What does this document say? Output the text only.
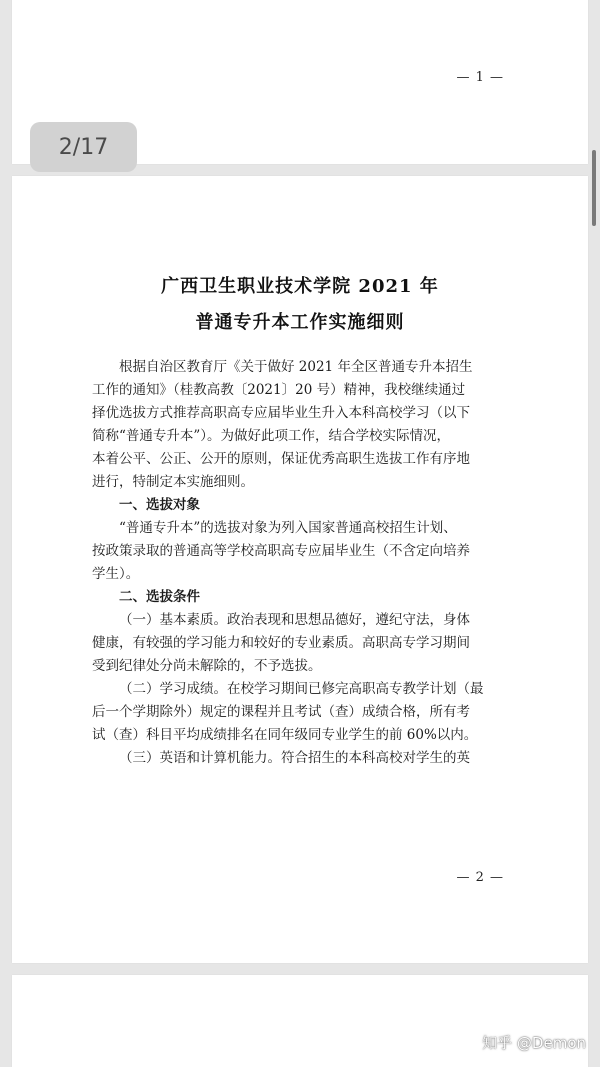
— 1 —
2/17
广西卫生职业技术学院 2021 年
普通专升本工作实施细则
根据自治区教育厅《关于做好 2021 年全区普通专升本招生
工作的通知》（桂教高教〔2021〕20 号）精神，我校继续通过
择优选拔方式推荐高职高专应届毕业生升入本科高校学习（以下
简称“普通专升本”）。为做好此项工作，结合学校实际情况，
本着公平、公正、公开的原则，保证优秀高职生选拔工作有序地
进行，特制定本实施细则。
一、选拔对象
“普通专升本”的选拔对象为列入国家普通高校招生计划、
按政策录取的普通高等学校高职高专应届毕业生（不含定向培养
学生）。
二、选拔条件
（一）基本素质。政治表现和思想品德好，遵纪守法，身体
健康，有较强的学习能力和较好的专业素质。高职高专学习期间
受到纪律处分尚未解除的，不予选拔。
（二）学习成绩。在校学习期间已修完高职高专教学计划（最
后一个学期除外）规定的课程并且考试（查）成绩合格，所有考
试（查）科目平均成绩排名在同年级同专业学生的前 60%以内。
（三）英语和计算机能力。符合招生的本科高校对学生的英
— 2 —
知乎 @Demon
